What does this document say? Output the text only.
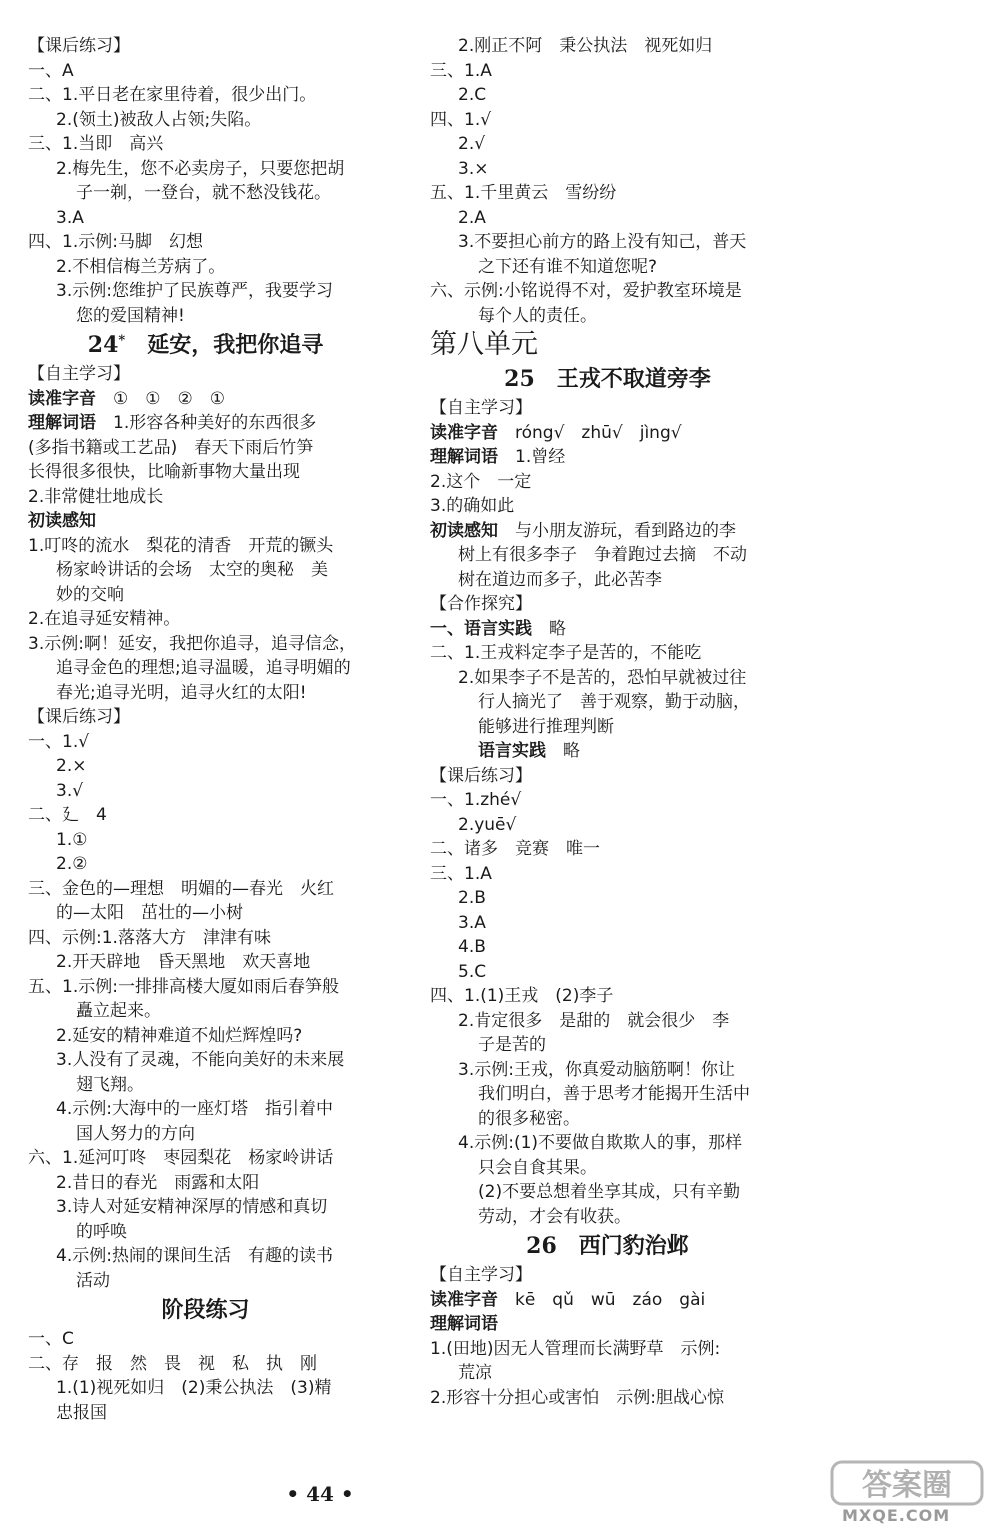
【课后练习】
一、A
二、1.平日老在家里待着，很少出门。
2.(领土)被敌人占领;失陷。
三、1.当即　高兴
2.梅先生，您不必卖房子，只要您把胡
子一剃，一登台，就不愁没钱花。
3.A
四、1.示例:马脚　幻想
2.不相信梅兰芳病了。
3.示例:您维护了民族尊严，我要学习
您的爱国精神!
24*  延安，我把你追寻
【自主学习】
读准字音　①　①　②　①
理解词语　1.形容各种美好的东西很多
(多指书籍或工艺品)　春天下雨后竹笋
长得很多很快，比喻新事物大量出现
2.非常健壮地成长
初读感知
1.叮咚的流水　梨花的清香　开荒的镢头
杨家岭讲话的会场　太空的奥秘　美
妙的交响
2.在追寻延安精神。
3.示例:啊！延安，我把你追寻，追寻信念，
追寻金色的理想;追寻温暖，追寻明媚的
春光;追寻光明，追寻火红的太阳!
【课后练习】
一、1.√
2.×
3.√
二、廴　4
1.①
2.②
三、金色的—理想　明媚的—春光　火红
的—太阳　茁壮的—小树
四、示例:1.落落大方　津津有味
2.开天辟地　昏天黑地　欢天喜地
五、1.示例:一排排高楼大厦如雨后春笋般
矗立起来。
2.延安的精神难道不灿烂辉煌吗?
3.人没有了灵魂，不能向美好的未来展
翅飞翔。
4.示例:大海中的一座灯塔　指引着中
国人努力的方向
六、1.延河叮咚　枣园梨花　杨家岭讲话
2.昔日的春光　雨露和太阳
3.诗人对延安精神深厚的情感和真切
的呼唤
4.示例:热闹的课间生活　有趣的读书
活动
阶段练习
一、C
二、存　报　然　畏　视　私　执　刚
1.(1)视死如归　(2)秉公执法　(3)精
忠报国
2.刚正不阿　秉公执法　视死如归
三、1.A
2.C
四、1.√
2.√
3.×
五、1.千里黄云　雪纷纷
2.A
3.不要担心前方的路上没有知己，普天
之下还有谁不知道您呢?
六、示例:小铭说得不对，爱护教室环境是
每个人的责任。
第八单元
25  王戎不取道旁李
【自主学习】
读准字音　róng√　zhū√　jìng√
理解词语　1.曾经
2.这个　一定
3.的确如此
初读感知　与小朋友游玩，看到路边的李
树上有很多李子　争着跑过去摘　不动
树在道边而多子，此必苦李
【合作探究】
一、语言实践　略
二、1.王戎料定李子是苦的，不能吃
2.如果李子不是苦的，恐怕早就被过往
行人摘光了　善于观察，勤于动脑，
能够进行推理判断
语言实践　略
【课后练习】
一、1.zhé√
2.yuē√
二、诸多　竞赛　唯一
三、1.A
2.B
3.A
4.B
5.C
四、1.(1)王戎　(2)李子
2.肯定很多　是甜的　就会很少　李
子是苦的
3.示例:王戎，你真爱动脑筋啊！你让
我们明白，善于思考才能揭开生活中
的很多秘密。
4.示例:(1)不要做自欺欺人的事，那样
只会自食其果。
(2)不要总想着坐享其成，只有辛勤
劳动，才会有收获。
26  西门豹治邺
【自主学习】
读准字音　kē　qǔ　wū　záo　gài
理解词语
1.(田地)因无人管理而长满野草　示例:
荒凉
2.形容十分担心或害怕　示例:胆战心惊
• 44 •	答案圈
MXQE.COM
